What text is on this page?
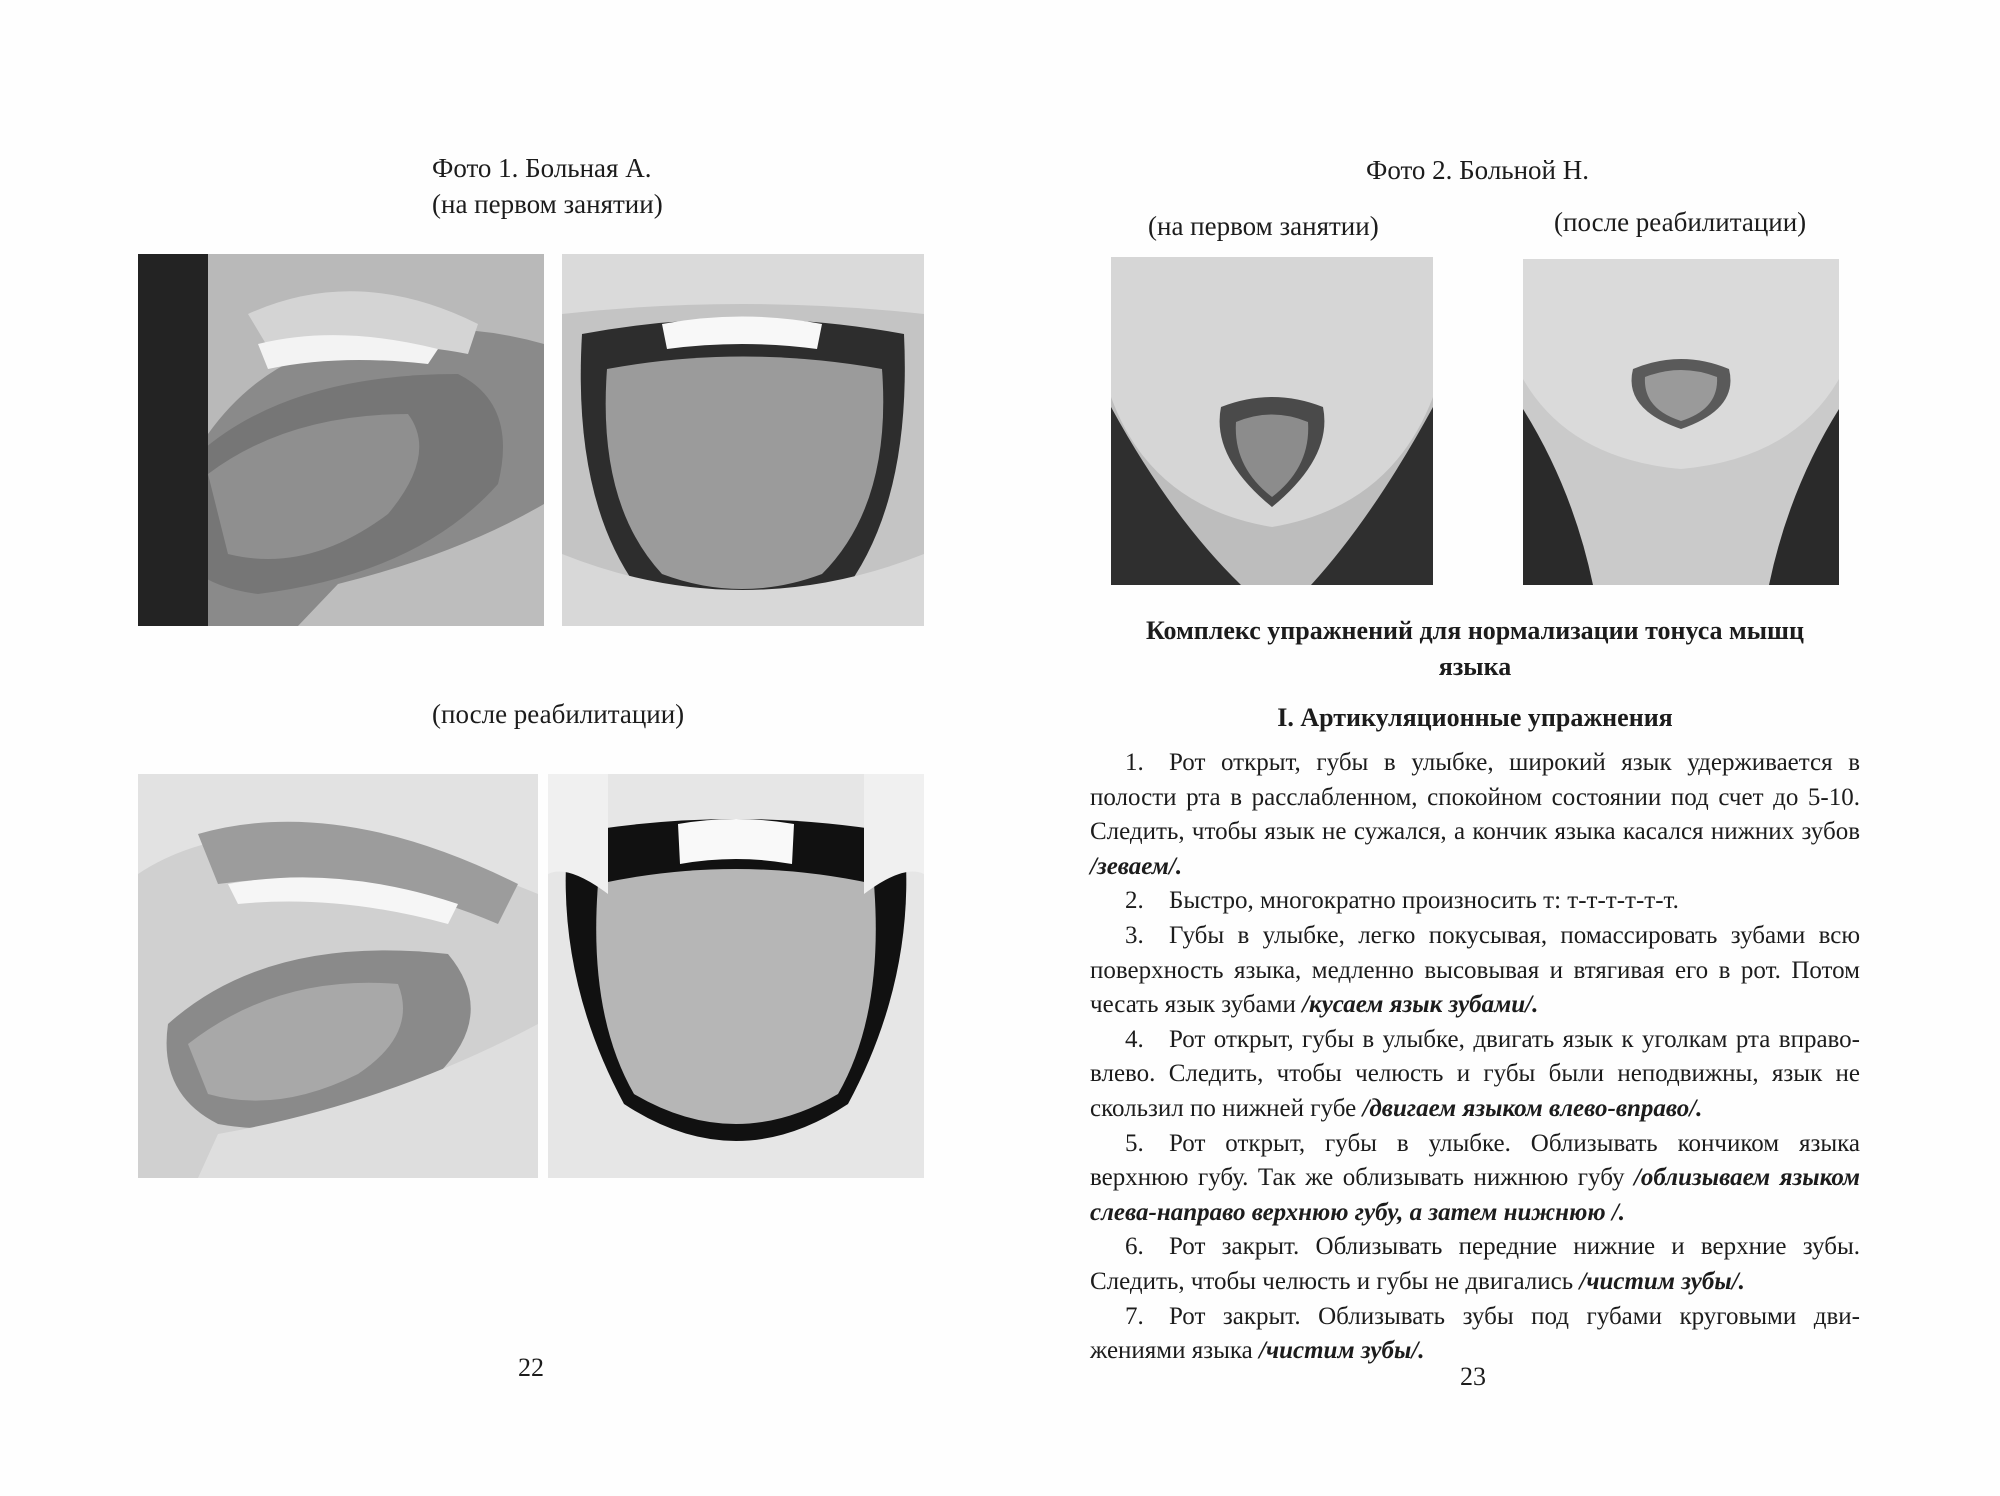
Фото 1. Больная А.
(на первом занятии)
(после реабилитации)
22
Фото 2. Больной Н.
(на первом занятии)	(после реабилитации)
Комплекс упражнений для нормализации тонуса мышц
языка
I. Артикуляционные упражнения

1. Рот открыт, губы в улыбке, широкий язык удерживается в полости рта в расслабленном, спокойном состоянии под счет до 5-10. Следить, чтобы язык не сужался, а кончик языка касался нижних зубов /зеваем/.

2. Быстро, многократно произносить т: т-т-т-т-т-т.

3. Губы в улыбке, легко покусывая, помассировать зубами всю поверхность языка, медленно высовывая и втягивая его в рот. Потом чесать язык зубами /кусаем язык зубами/.

4. Рот открыт, губы в улыбке, двигать язык к уголкам рта вправо-влево. Следить, чтобы челюсть и губы были неподвижны, язык не скользил по нижней губе /двигаем языком влево-вправо/.

5. Рот открыт, губы в улыбке. Облизывать кончиком языка верхнюю губу. Так же облизывать нижнюю губу /облизываем языком слева-направо верхнюю губу, а затем нижнюю /.

6. Рот закрыт. Облизывать передние нижние и верхние зубы. Следить, чтобы челюсть и губы не двигались /чистим зубы/.

7. Рот закрыт. Облизывать зубы под губами круговыми дви-жениями языка /чистим зубы/.

23
